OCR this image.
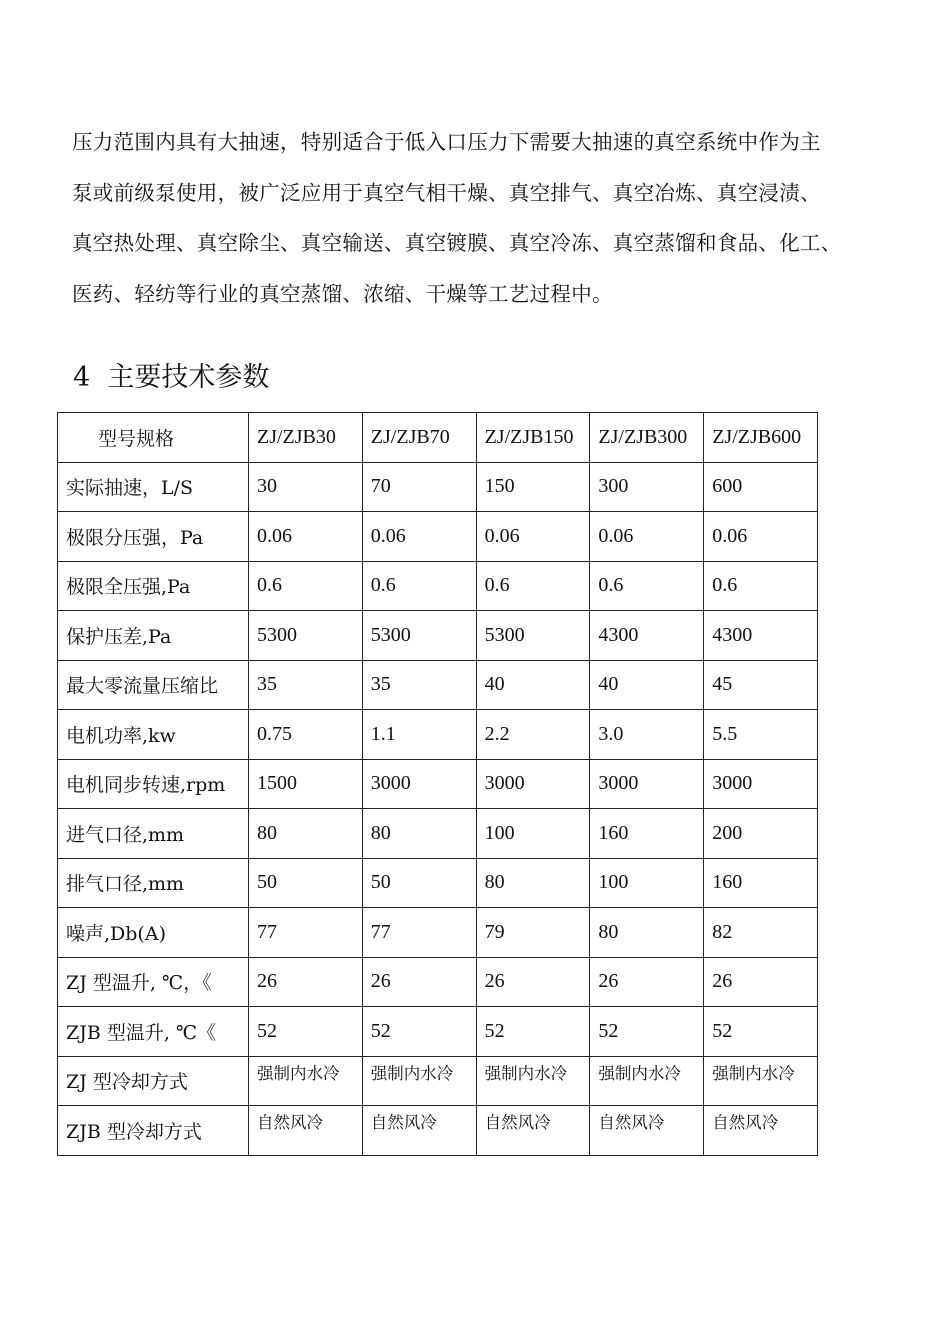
压力范围内具有大抽速，特别适合于低入口压力下需要大抽速的真空系统中作为主
泵或前级泵使用，被广泛应用于真空气相干燥、真空排气、真空冶炼、真空浸渍、
真空热处理、真空除尘、真空输送、真空镀膜、真空冷冻、真空蒸馏和食品、化工、
医药、轻纺等行业的真空蒸馏、浓缩、干燥等工艺过程中。
4  主要技术参数
型号规格	ZJ/ZJB30	ZJ/ZJB70	ZJ/ZJB150	ZJ/ZJB300	ZJ/ZJB600
实际抽速，L/S	30	70	150	300	600
极限分压强，Pa	0.06	0.06	0.06	0.06	0.06
极限全压强,Pa	0.6	0.6	0.6	0.6	0.6
保护压差,Pa	5300	5300	5300	4300	4300
最大零流量压缩比	35	35	40	40	45
电机功率,kw	0.75	1.1	2.2	3.0	5.5
电机同步转速,rpm	1500	3000	3000	3000	3000
进气口径,mm	80	80	100	160	200
排气口径,mm	50	50	80	100	160
噪声,Db(A)	77	77	79	80	82
ZJ 型温升, ℃，《	26	26	26	26	26
ZJB 型温升, ℃《	52	52	52	52	52
ZJ 型冷却方式	强制内水冷	强制内水冷	强制内水冷	强制内水冷	强制内水冷
ZJB 型冷却方式	自然风冷	自然风冷	自然风冷	自然风冷	自然风冷
